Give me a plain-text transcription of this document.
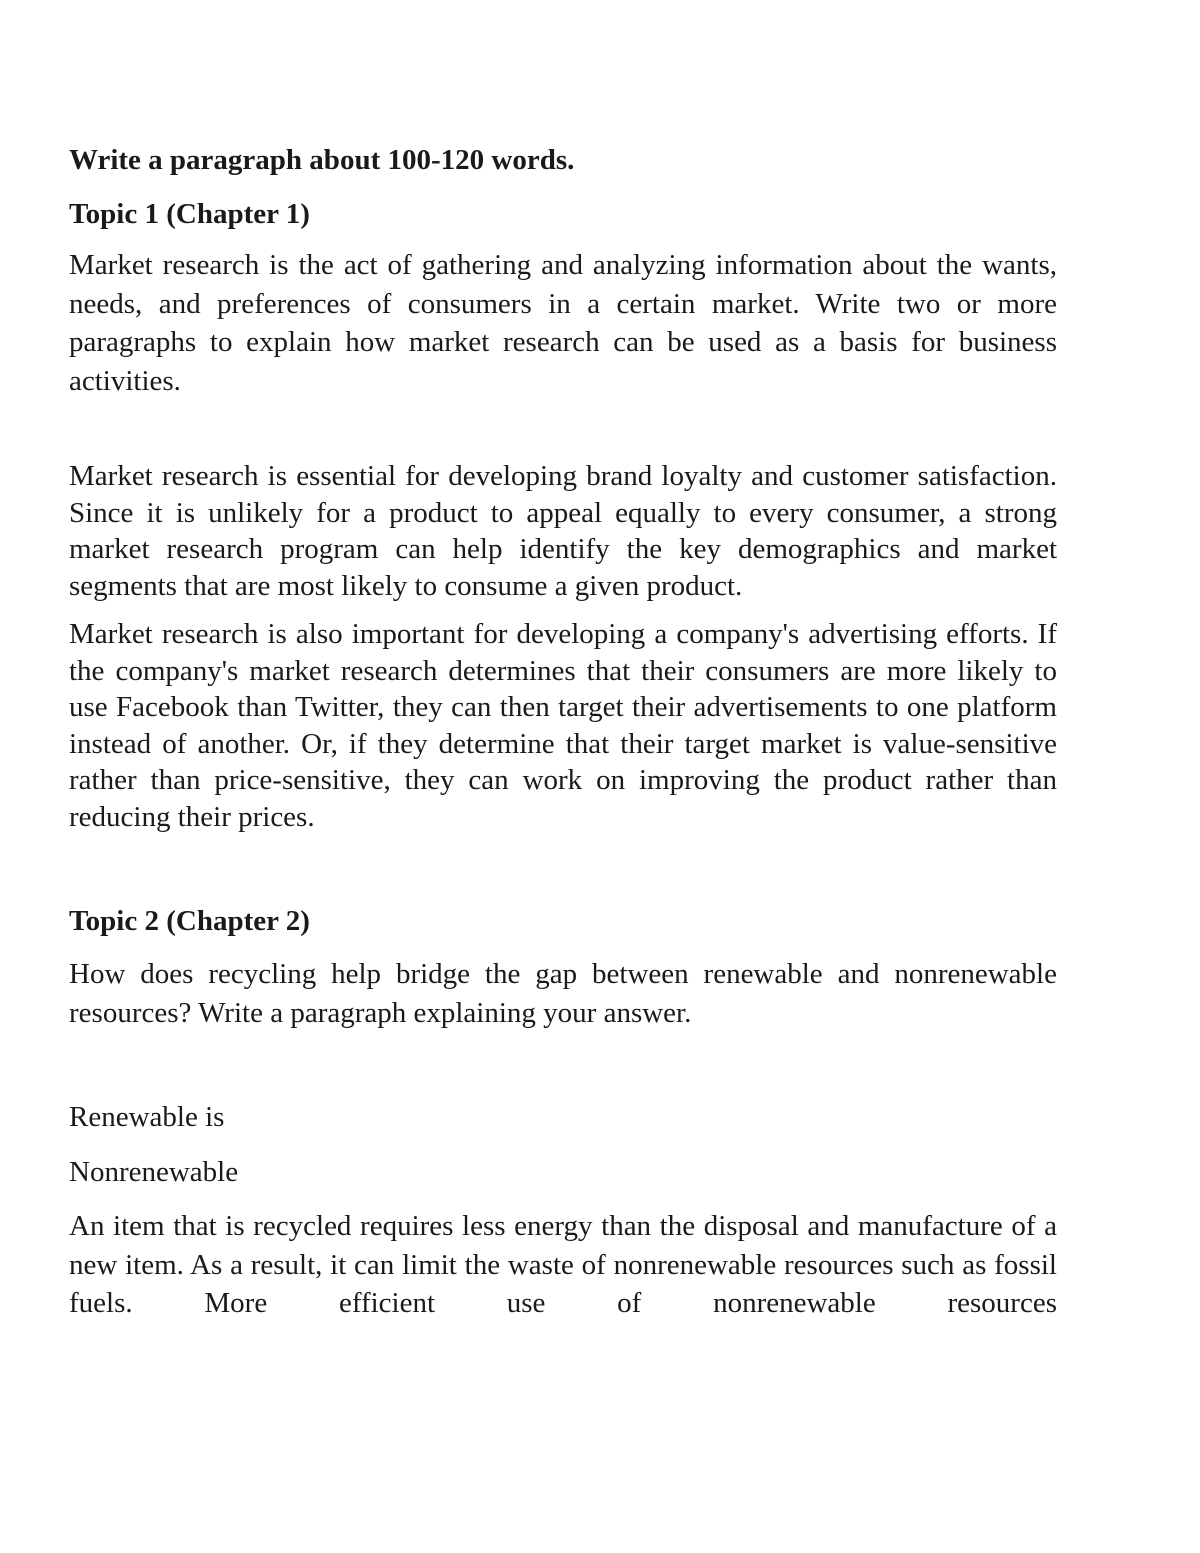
Write a paragraph about 100-120 words.

Topic 1 (Chapter 1)

Market research is the act of gathering and analyzing information about the wants, needs, and preferences of consumers in a certain market. Write two or more paragraphs to explain how market research can be used as a basis for business activities.

Market research is essential for developing brand loyalty and customer satisfaction. Since it is unlikely for a product to appeal equally to every consumer, a strong market research program can help identify the key demographics and market segments that are most likely to consume a given product.

Market research is also important for developing a company's advertising efforts. If the company's market research determines that their consumers are more likely to use Facebook than Twitter, they can then target their advertisements to one platform instead of another. Or, if they determine that their target market is value-sensitive rather than price-sensitive, they can work on improving the product rather than reducing their prices.

Topic 2 (Chapter 2)

How does recycling help bridge the gap between renewable and nonrenewable resources? Write a paragraph explaining your answer.

Renewable is

Nonrenewable

An item that is recycled requires less energy than the disposal and manufacture of a new item. As a result, it can limit the waste of nonrenewable resources such as fossil fuels. More efficient use of nonrenewable resources
